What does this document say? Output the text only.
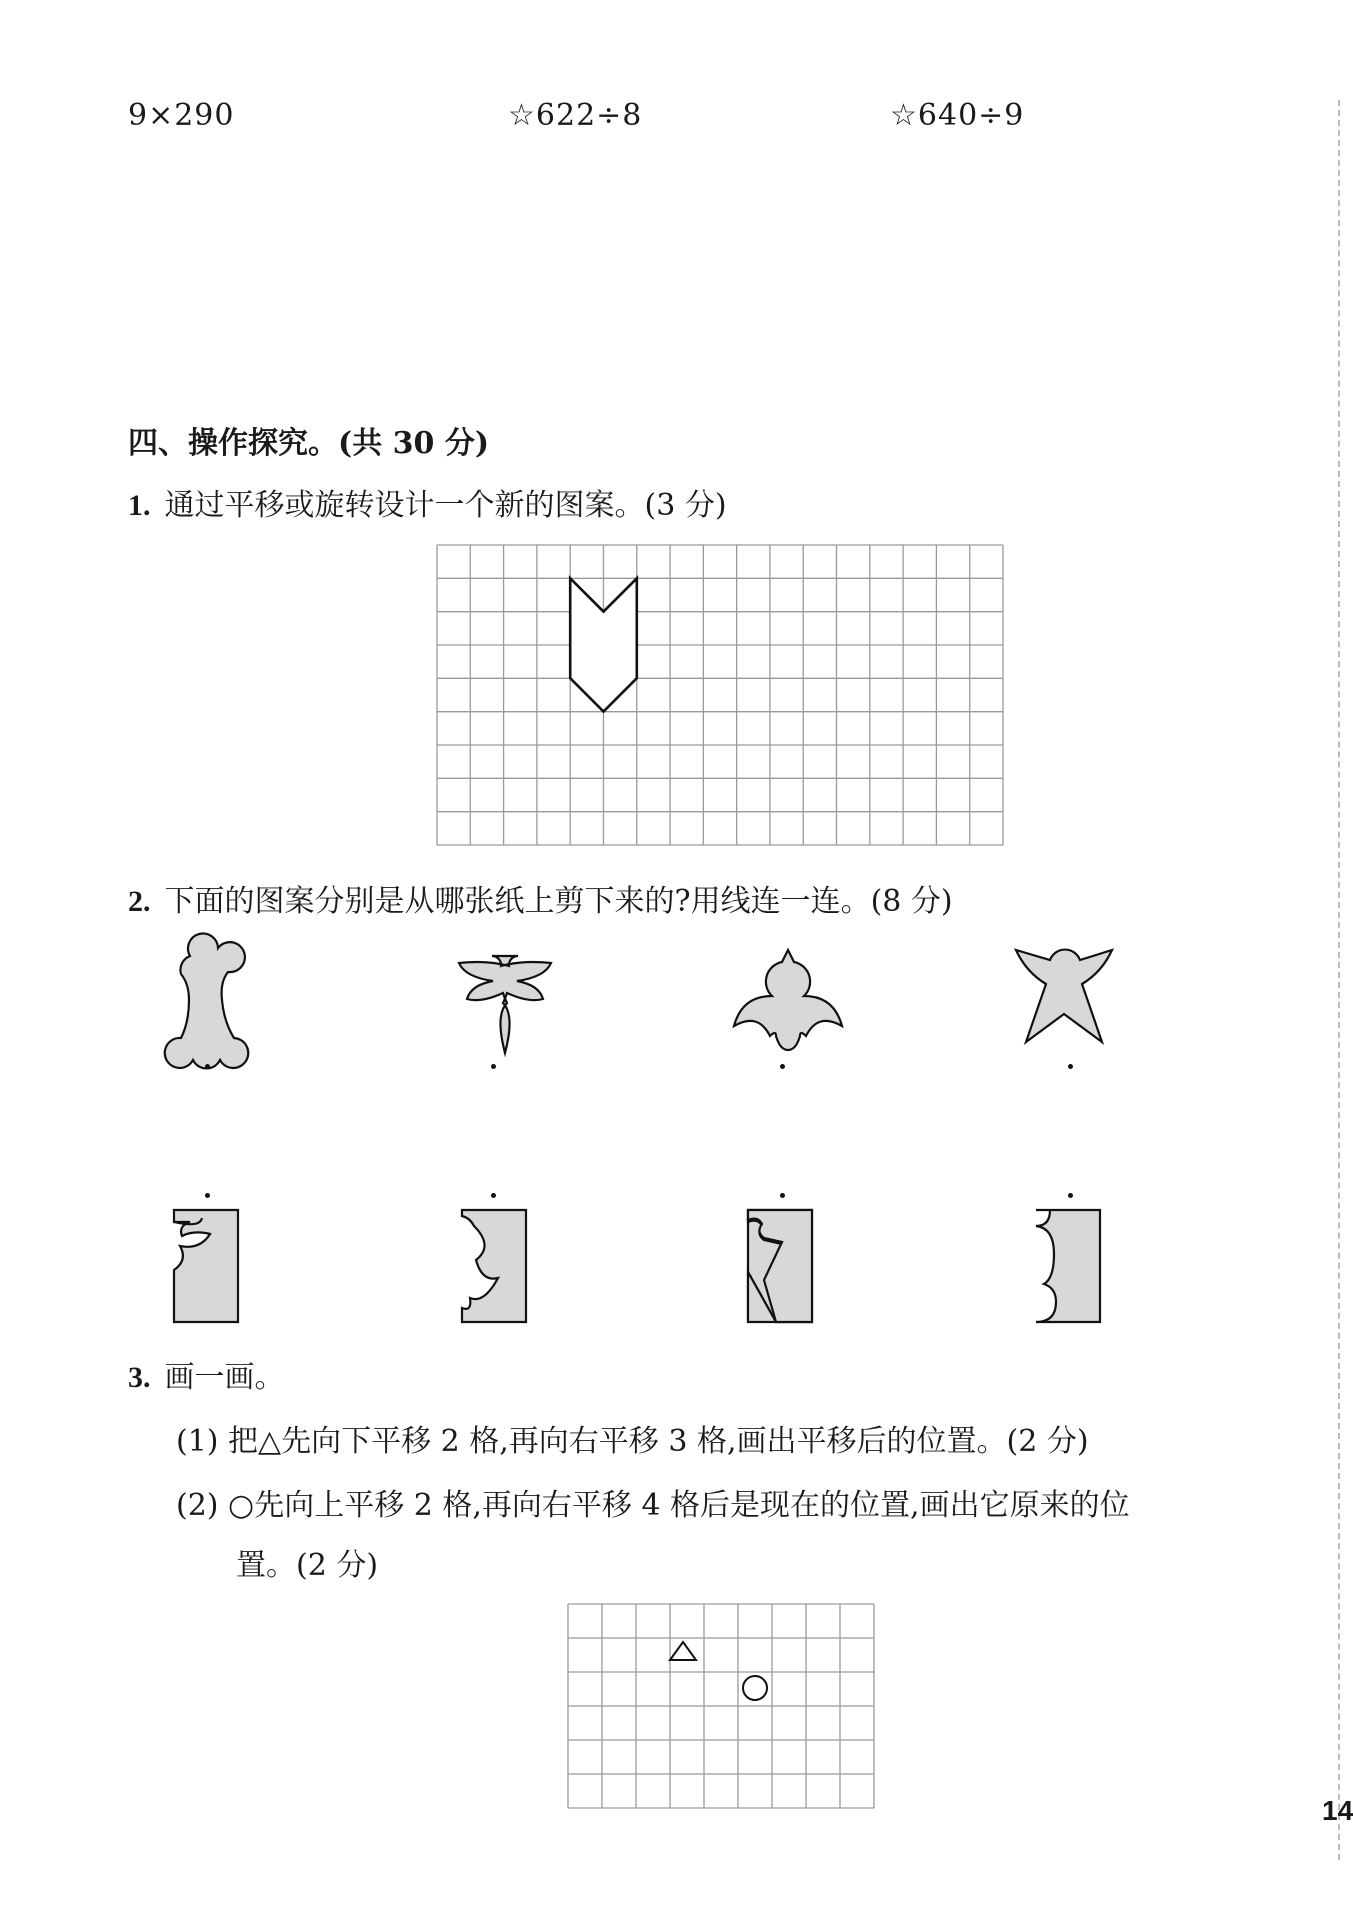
9×290	☆622÷8	☆640÷9
四、操作探究。(共 30 分)
1. 通过平移或旋转设计一个新的图案。(3 分)
2. 下面的图案分别是从哪张纸上剪下来的?用线连一连。(8 分)
3. 画一画。
(1) 把△先向下平移 2 格,再向右平移 3 格,画出平移后的位置。(2 分)
(2) ○先向上平移 2 格,再向右平移 4 格后是现在的位置,画出它原来的位
置。(2 分)
14
